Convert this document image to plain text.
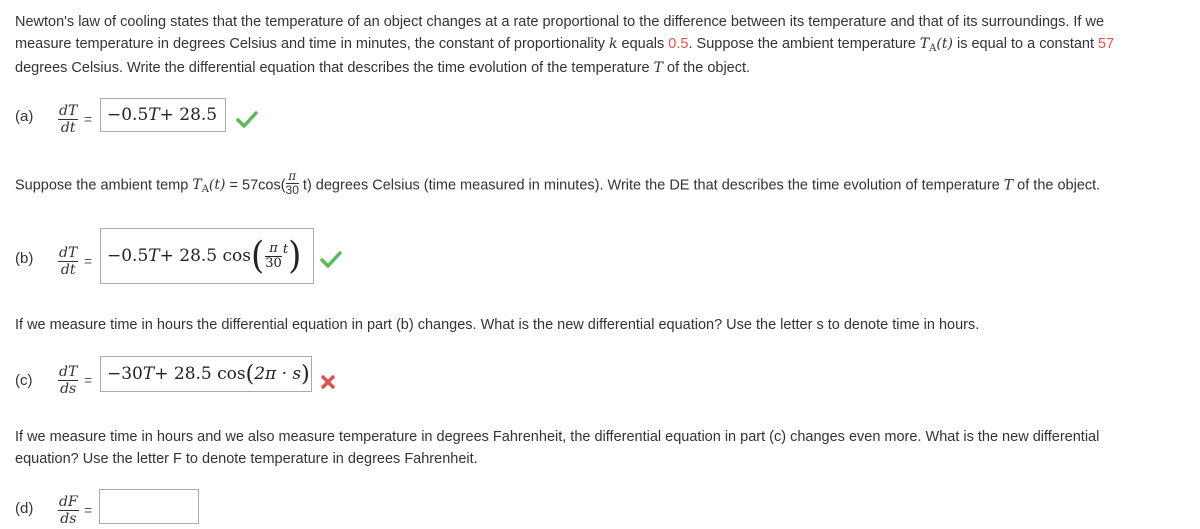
Newton's law of cooling states that the temperature of an object changes at a rate proportional to the difference between its temperature and that of its surroundings. If we
measure temperature in degrees Celsius and time in minutes, the constant of proportionality k equals 0.5. Suppose the ambient temperature $T_A(t)$ is equal to a constant 57
degrees Celsius. Write the differential equation that describes the time evolution of the temperature T of the object.
$(a) \frac{dT}{dt} = -0.5$ T + 28.5
Suppose the ambient temp $T_A(t) = 57\cos( \frac{\pi}{30} t)$ degrees Celsius (time measured in minutes). Write the DE that describes the time evolution of temperature T of the object.
$(b) \frac{dT}{dt} = -0.5$ T + 28.5 cos ( π
30
t )
If we measure time in hours the differential equation in part (b) changes. What is the new differential equation? Use the letter s to denote time in hours.
$(c) \frac{dT}{ds} = -30$ T + 28.5 cos ( 2π · s )
If we measure time in hours and we also measure temperature in degrees Fahrenheit, the differential equation in part (c) changes even more. What is the new differential
equation? Use the letter F to denote temperature in degrees Fahrenheit.
$(d) \frac{dF}{ds}$ =
